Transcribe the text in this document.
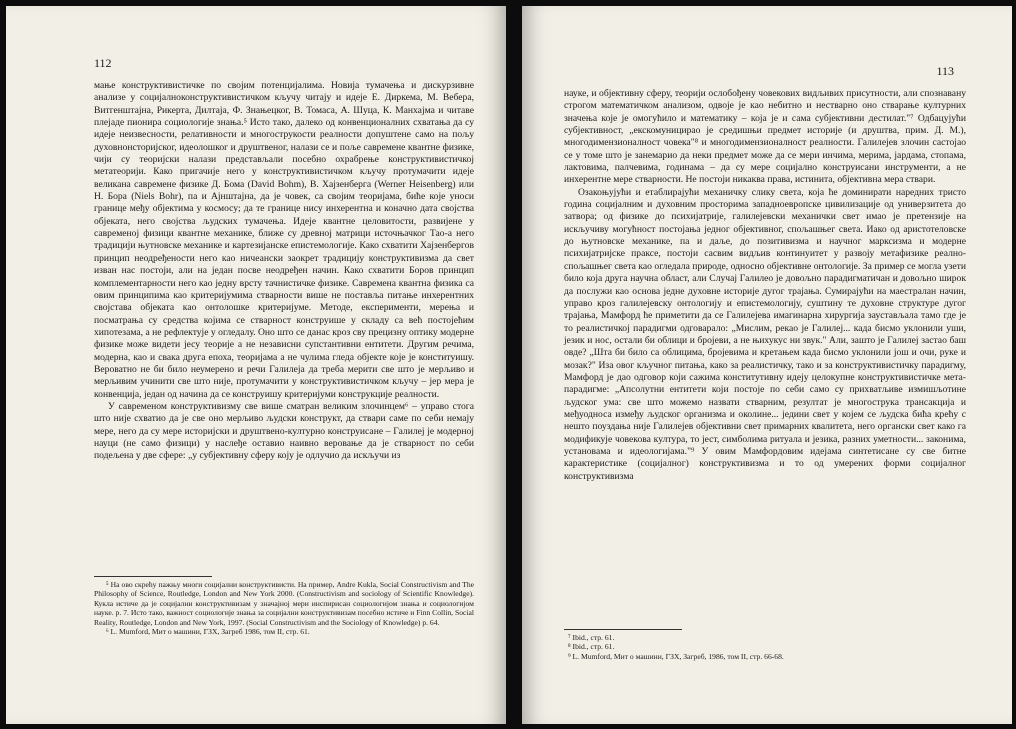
112

мање конструктивистичке по својим потенцијалима. Новија тумачења и дискурзивне анализе у социјалноконструктивистичком кључу читају и идеје Е. Диркема, М. Вебера, Витгенштајна, Рикерта, Дилтаја, Ф. Знањецког, В. Томаса, А. Шуца, К. Манхајма и читаве плејаде пионира социологије знања.⁵ Исто тако, далеко од конвенционалних схватања да су идеје неизвесности, релативности и многострукости реалности допуштене само на пољу духовнонсторијског, идеолошког и друштвеног, налази се и поље савремене квантне физике, чији су теоријски налази представљали посебно охрабрење конструктивистичкој метатеорији. Како пригачије него у конструктивистичком кључу протумачити идеје великана савремене физике Д. Бома (David Bohm), В. Хајзенберга (Werner Heisenberg) или Н. Бора (Niels Bohr), па и Ајнштајна, да је човек, са својим теоријама, биће које уноси границе међу објектима у космосу; да те границе нису инхерентна и коначно дата својства објеката, него својства људских тумачења. Идеје квантне целовитости, развијене у савременој физици квантне механике, ближе су древној матрици источњачког Тао-а него традицији њутновске механике и картезијанске епистемологије. Како схватити Хајзенбергов принцип неодређености него као ничеански заокрет традицију конструктивизма да свет изван нас постоји, али на један посве неодређен начин. Како схватити Боров принцип комплементарности него као једну врсту тачнистичке физике. Савремена квантна физика са овим принципима као критеријумима стварности више не поставља питање инхерентних својстава објеката као онтолошке критеријуме. Методе, експерименти, мерења и посматрања су средства којима се стварност конструише у складу са већ постојећим хипотезама, а не рефлектује у огледалу. Оно што се данас крoз сву прецизну оптику модерне физике може видети јесу теорије а не независни супстантивни ентитети. Другим речима, модерна, као и свака друга епоха, теоријама а не чулима гледа објекте које је конституишу. Вероватно не би било неумерено и речи Галилеја да треба мерити све што је мерљиво и мерљивим учинити све што није, протумачити у конструктивистичком кључу – јер мера је конвенција, један од начина да се конструишу критеријуми конструкције реалности.

У савременом конструктивизму све више сматран великим злочинцем⁶ – управо стога што није схватио да је све оно мерљиво људски конструкт, да ствари саме по себи немају мере, него да су мере историјски и друштвено-културно конструисане – Галилеј је модерној науци (не само физици) у наслеђе оставио наивно веровање да је стварност по себи подељена у две сфере: „у субјективну сферу коју је одлучио да искључи из

⁵ На ово скрећу пажњу многи социјални конструктивисти. На пример, Andre Kukla, Social Constructivism and The Philosophy of Science, Routledge, London and New York 2000. (Constructivism and sociology of Scientific Knowledge). Кукла истиче да је социјални конструктивизам у значајној мери инспирисан социологијом знања и социологијом науке. р. 7. Исто тако, важност социологије знања за социјални конструктивизам посебно истиче и Finn Collin, Social Reality, Routledge, London and New York, 1997. (Social Constructivism and the Sociology of Knowledge) р. 64.

⁶ L. Mumford, Мит о машини, ГЗХ, Загреб 1986, том II, стр. 61.

113

науке, и објективну сферу, теорији ослобођену човекових видљивих присутности, али спознавану строгом математичком анализом, одвоје је као небитно и нестварно оно стварање културних значења које је омогућило и математику – која је и сама субјективни дестилат."⁷ Одбацујући субјективност, „екскомуницирао је средишњи предмет историје (и друштва, прим. Д. М.), многодимензионалност човека"⁸ и многодимензионалност реалности. Галилејев злочин састојао се у томе што је занемарио да неки предмет може да се мери инчима, мерима, јардама, стопама, лактовима, палчевима, годинама – да су мере социјално конструисани инструменти, а не инхерентне мере стварности. Не постоји никаква права, истинита, објективна мера ствари.

Озакоњујући и етаблирајући механичку слику света, која ће доминирати наредних тристо година социјалним и духовним просторима западноевропске цивилизације од универзитета до затвора; од физике до психијатрије, галилејевски механички свет имао је претензије на искључиву могућност постојања једног објективног, спољашњег света. Иако од аристотеловске до њутновске механике, па и даље, до позитивизма и научног марксизма и модерне психијатријске праксе, постоји сасвим видљив континуитет у развоју метафизике реално-спољашњег света као огледала природе, односно објективне онтологије. За пример се могла узети било која друга научна област, али Случај Галилео је довољно парадигматичан и довољно широк да послужи као основа једне духовне историје дугог трајања. Сумирајући на маестралан начин, управо кроз галилејевску онтологију и епистемологију, суштину те духовне структуре дугог трајања, Мамфорд ће приметити да се Галилејева имагинарна хирургија заустављала тамо где је то реалистичкој парадигми одговарало: „Мислим, рекао је Галилеј... када бисмо уклонили уши, језик и нос, остали би облици и бројеви, а не њихукус ни звук." Али, зашто је Галилеј застао баш овде? „Шта би било са облицима, бројевима и кретањем када бисмо уклонили још и очи, руке и мозак?" Иза овог кључног питања, како за реалистичку, тако и за конструктивистичку парадигму, Мамфорд је дао одговор који сажима конститутивну идеју целокупне конструктивистичке мета-парадигме: „Апсолутни ентитети који постоје по себи само су прихватљиве измишљотине људског ума: све што можемо назвати стварним, резултат је многострука трансакција и међуодноса између људског организма и околине... једини свет у којем се људска бића крећу с нешто поуздања није Галилејев објективни свет примарних квалитета, него органски свет како га модификује човекова култура, то јест, симболима ритуала и језика, разних уметности... законима, установама и идеологијама."⁹ У овим Мамфордовим идејама синтетисане су све битне карактеристике (социјалног) конструктивизма и то од умерених форми социјалног конструктивизма

⁷ Ibid., стр. 61.

⁸ Ibid., стр. 61.

⁹ L. Mumford, Мит о машини, ГЗХ, Загреб, 1986, том II, стр. 66-68.
